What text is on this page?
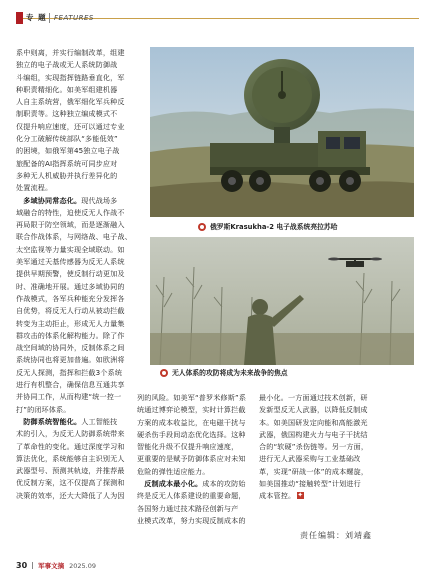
专 题 FEATURES
系中则离，并实行编制改革，组建
独立的电子战或无人系统防御战
斗编组，实现指挥链路垂直化，军
种职责精细化。如美军组建机器
人自主系统营，俄军细化军兵种反
制职责等。这种独立编成模式不
仅提升响应速度，还可以通过专业
化分工破解传统部队“多能低效”
的困境，如俄军第45独立电子战
旅配备的AI指挥系统可同步应对
多种无人机威胁并执行差异化的
处置流程。
　多域协同常态化。现代战场多
域融合的特性，迫使反无人作战不
再局限于防空领域，而是逐渐融入
联合作战体系，与网络战、电子战、
太空监视等力量实现全域联动。如
美军通过天基传感器为反无人系统
提供早期预警，使反制行动更加及
时、准确地开展。通过多域协同的
作战模式，各军兵种能充分发挥各
自优势，将反无人行动从被动拦截
转变为主动拒止，形成无人力量集
群攻击的体系化解构能力。除了作
战空间域的协同外，反制体系之间
系统协同也将更加普遍。如欧洲将
反无人探测，指挥和拦截3个系统
进行有机整合，确保信息互通共享
并协同工作，从而构建“统一控一
打”的闭环体系。
　防御系统智能化。人工智能技
术的引入，为反无人防御系统带来
了革命性的变化。通过深度学习和
算法优化，系统能够自主识别无人
武器型号、预测其轨迹，并推荐最
优反制方案，这不仅提高了探测和
决策的效率，还大大降低了人为因
俄罗斯Krasukha-2 电子战系统亮拉苏哈
无人体系的攻防将成为未来战争的焦点
列的风险。如美军“普罗米修斯”系
统通过博弈论模型，实时计算拦截
方案的成本收益比，在电磁干扰与
硬杀伤手段间动态优化选择。这种
智能化升级不仅提升响应速度，
更重要的是赋予防御体系应对未知
危险的弹性适应能力。
　反制成本最小化。成本的攻防始
终是反无人体系建设的重要命题，
各国努力通过技术路径创新与产
业模式改革，努力实现反制成本的
最小化。一方面通过技术创新，研
发新型反无人武器，以降低反制成
本。如美国研发定向能和高能激光
武器，俄国构建火力与电子干扰结
合的“软硬”杀伤链等。另一方面，
进行无人武器采购与工业基础改
革，实现“研战一体”的成本螺旋，
如美国推动“接触转型”计划进行
成本管控。✦
责任编辑：刘靖鑫
30 军事文摘 2025.09
